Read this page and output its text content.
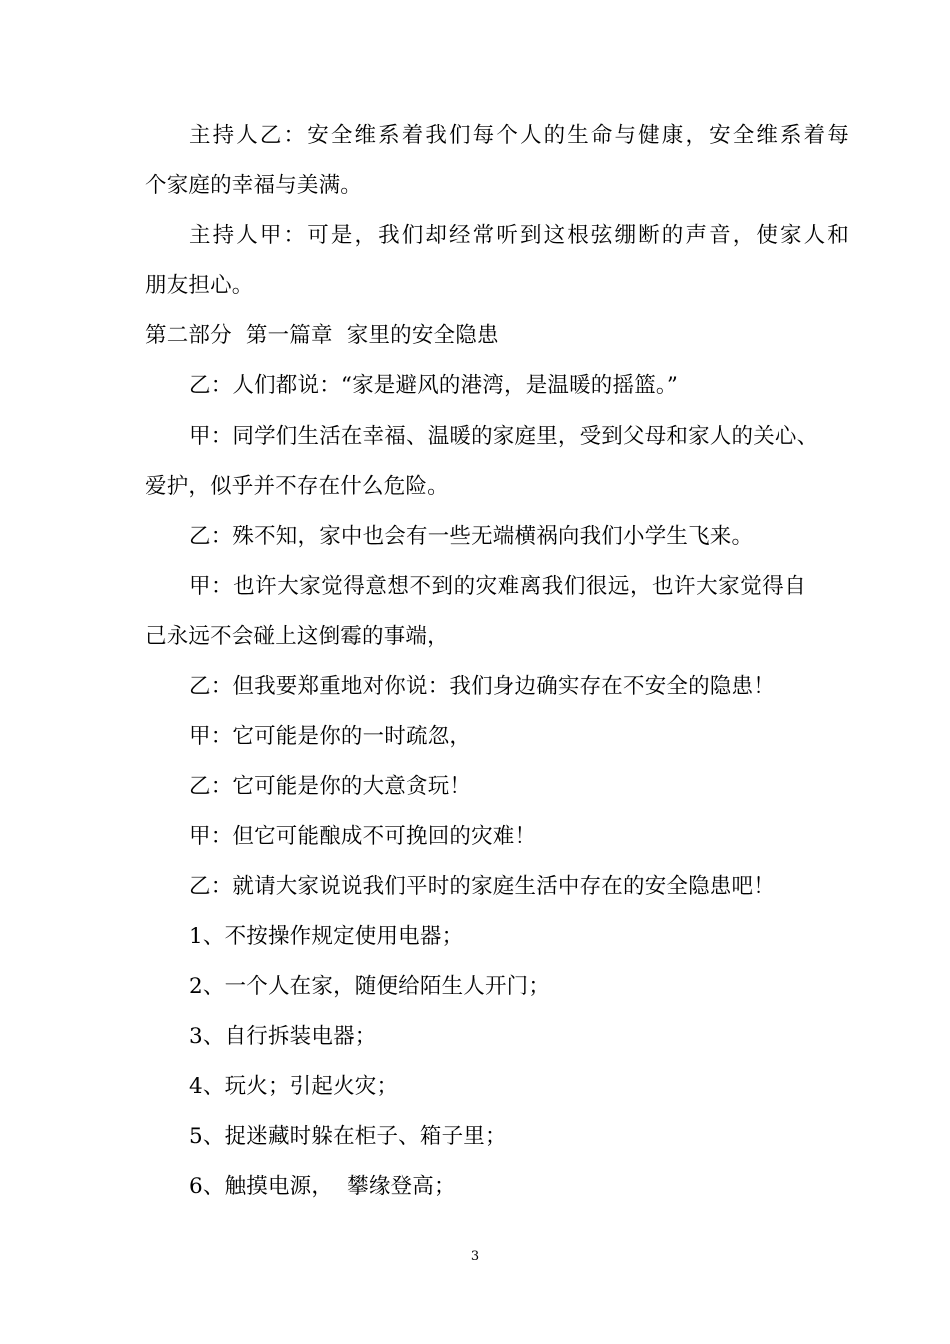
主持人乙：安全维系着我们每个人的生命与健康，安全维系着每
个家庭的幸福与美满。
主持人甲：可是，我们却经常听到这根弦绷断的声音，使家人和
朋友担心。
第二部分  第一篇章  家里的安全隐患
乙：人们都说：“家是避风的港湾，是温暖的摇篮。”
甲：同学们生活在幸福、温暖的家庭里，受到父母和家人的关心、
爱护，似乎并不存在什么危险。
乙：殊不知，家中也会有一些无端横祸向我们小学生飞来。
甲：也许大家觉得意想不到的灾难离我们很远，也许大家觉得自
己永远不会碰上这倒霉的事端，
乙：但我要郑重地对你说：我们身边确实存在不安全的隐患！
甲：它可能是你的一时疏忽，
乙：它可能是你的大意贪玩！
甲：但它可能酿成不可挽回的灾难！
乙：就请大家说说我们平时的家庭生活中存在的安全隐患吧！
1、不按操作规定使用电器；
2、一个人在家，随便给陌生人开门；
3、自行拆装电器；
4、玩火；引起火灾；
5、捉迷藏时躲在柜子、箱子里；
6、触摸电源，  攀缘登高；
3
